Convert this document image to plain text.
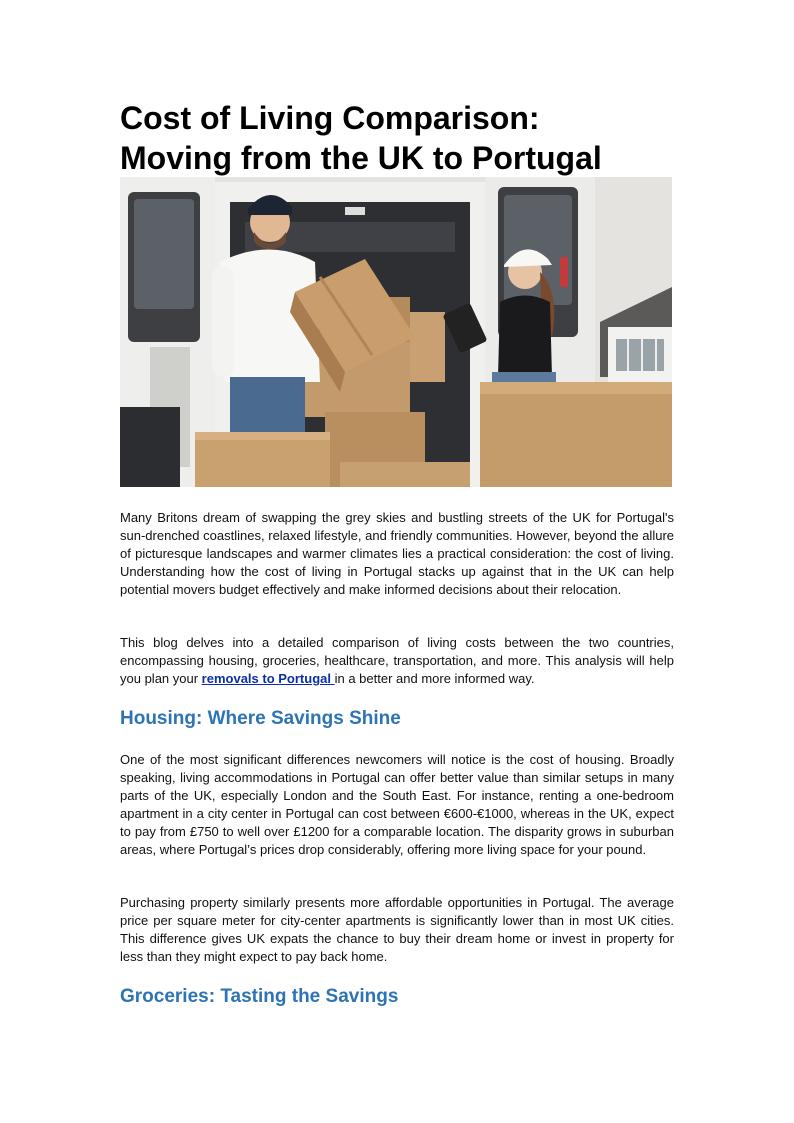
Cost of Living Comparison:
Moving from the UK to Portugal

Many Britons dream of swapping the grey skies and bustling streets of the UK for Portugal's sun-drenched coastlines, relaxed lifestyle, and friendly communities. However, beyond the allure of picturesque landscapes and warmer climates lies a practical consideration: the cost of living. Understanding how the cost of living in Portugal stacks up against that in the UK can help potential movers budget effectively and make informed decisions about their relocation.

This blog delves into a detailed comparison of living costs between the two countries, encompassing housing, groceries, healthcare, transportation, and more. This analysis will help you plan your removals to Portugal in a better and more informed way.

Housing: Where Savings Shine

One of the most significant differences newcomers will notice is the cost of housing. Broadly speaking, living accommodations in Portugal can offer better value than similar setups in many parts of the UK, especially London and the South East. For instance, renting a one-bedroom apartment in a city center in Portugal can cost between €600-€1000, whereas in the UK, expect to pay from £750 to well over £1200 for a comparable location. The disparity grows in suburban areas, where Portugal’s prices drop considerably, offering more living space for your pound.

Purchasing property similarly presents more affordable opportunities in Portugal. The average price per square meter for city-center apartments is significantly lower than in most UK cities. This difference gives UK expats the chance to buy their dream home or invest in property for less than they might expect to pay back home.

Groceries: Tasting the Savings
